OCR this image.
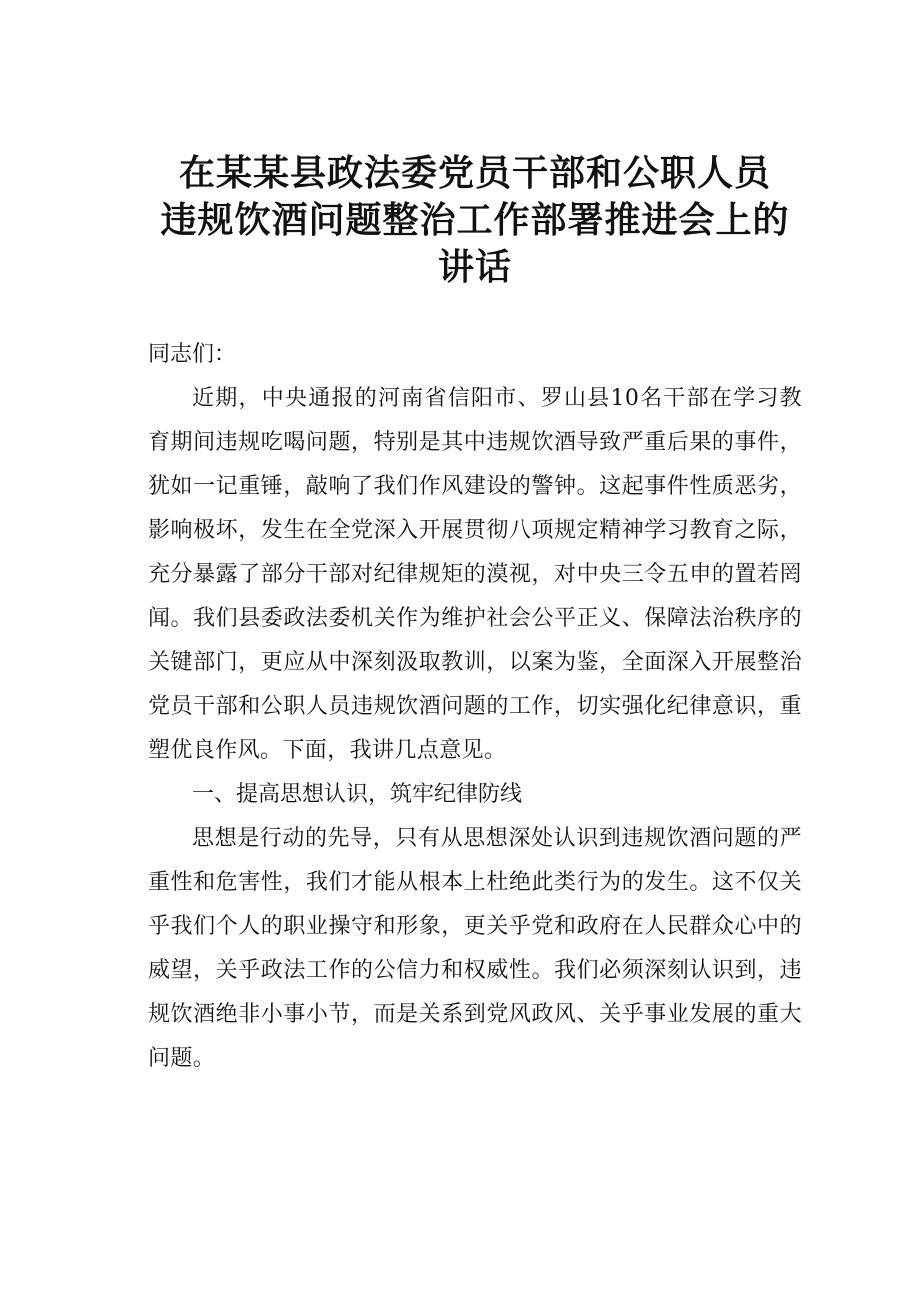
在某某县政法委党员干部和公职人员
违规饮酒问题整治工作部署推进会上的
讲话

同志们：

近期，中央通报的河南省信阳市、罗山县10名干部在学习教育期间违规吃喝问题，特别是其中违规饮酒导致严重后果的事件，犹如一记重锤，敲响了我们作风建设的警钟。这起事件性质恶劣，影响极坏，发生在全党深入开展贯彻八项规定精神学习教育之际，充分暴露了部分干部对纪律规矩的漠视，对中央三令五申的置若罔闻。我们县委政法委机关作为维护社会公平正义、保障法治秩序的关键部门，更应从中深刻汲取教训，以案为鉴，全面深入开展整治党员干部和公职人员违规饮酒问题的工作，切实强化纪律意识，重塑优良作风。下面，我讲几点意见。

一、提高思想认识，筑牢纪律防线

思想是行动的先导，只有从思想深处认识到违规饮酒问题的严重性和危害性，我们才能从根本上杜绝此类行为的发生。这不仅关乎我们个人的职业操守和形象，更关乎党和政府在人民群众心中的威望，关乎政法工作的公信力和权威性。我们必须深刻认识到，违规饮酒绝非小事小节，而是关系到党风政风、关乎事业发展的重大问题。
